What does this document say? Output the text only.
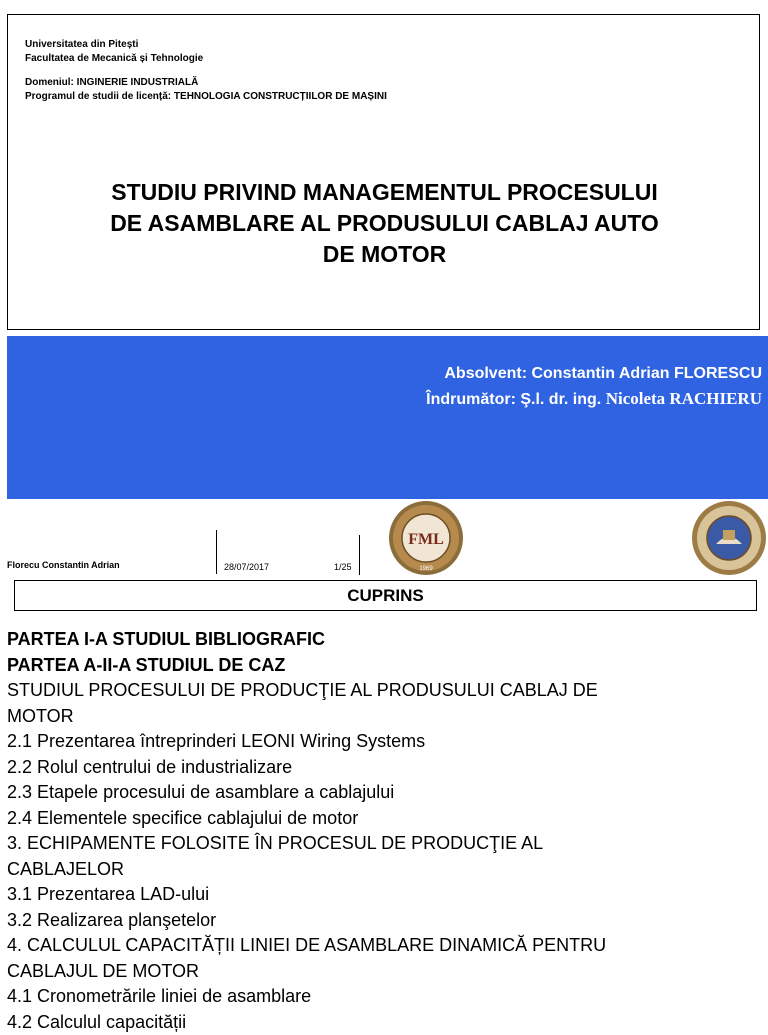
Universitatea din Pitești
Facultatea de Mecanică și Tehnologie
Domeniul: INGINERIE INDUSTRIALĂ
Programul de studii de licență: TEHNOLOGIA CONSTRUCȚIILOR DE MAȘINI
STUDIU PRIVIND MANAGEMENTUL PROCESULUI
DE ASAMBLARE AL PRODUSULUI CABLAJ AUTO
DE MOTOR
Absolvent: Constantin Adrian FLORESCU
Îndrumător: Ş.l. dr. ing. Nicoleta RACHIERU
Florecu Constantin Adrian	28/07/2017	1/25
FML
1969
CUPRINS
PARTEA I-A STUDIUL BIBLIOGRAFIC
PARTEA A-II-A STUDIUL DE CAZ
STUDIUL PROCESULUI DE PRODUCŢIE AL PRODUSULUI CABLAJ DE
MOTOR
2.1 Prezentarea întreprinderi LEONI Wiring Systems
2.2 Rolul centrului de industrializare
2.3 Etapele procesului de asamblare a cablajului
2.4 Elementele specifice cablajului de motor
3. ECHIPAMENTE FOLOSITE ÎN PROCESUL DE PRODUCŢIE AL
CABLAJELOR
3.1 Prezentarea LAD-ului
3.2 Realizarea planşetelor
4. CALCULUL CAPACITĂȚII LINIEI DE ASAMBLARE DINAMICĂ PENTRU
CABLAJUL DE MOTOR
4.1 Cronometrările liniei de asamblare
4.2 Calculul capacității
